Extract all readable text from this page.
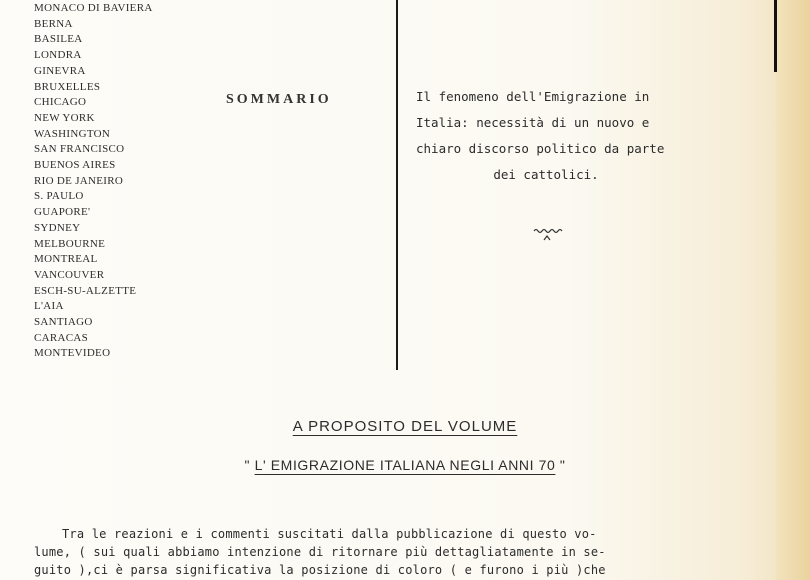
MONACO DI BAVIERA
BERNA
BASILEA
LONDRA
GINEVRA
BRUXELLES
CHICAGO
NEW YORK
WASHINGTON
SAN FRANCISCO
BUENOS AIRES
RIO DE JANEIRO
S. PAULO
GUAPORE'
SYDNEY
MELBOURNE
MONTREAL
VANCOUVER
ESCH-SU-ALZETTE
L'AIA
SANTIAGO
CARACAS
MONTEVIDEO
SOMMARIO	Il fenomeno dell'Emigrazione in
Italia: necessità di un nuovo e
chiaro discorso politico da parte
dei cattolici.
A PROPOSITO DEL VOLUME
" L' EMIGRAZIONE ITALIANA NEGLI ANNI 70 "
Tra le reazioni e i commenti suscitati dalla pubblicazione di questo vo-
lume, ( sui quali abbiamo intenzione di ritornare più dettagliatamente in se-
guito ),ci è parsa significativa la posizione di coloro ( e furono i più )che
